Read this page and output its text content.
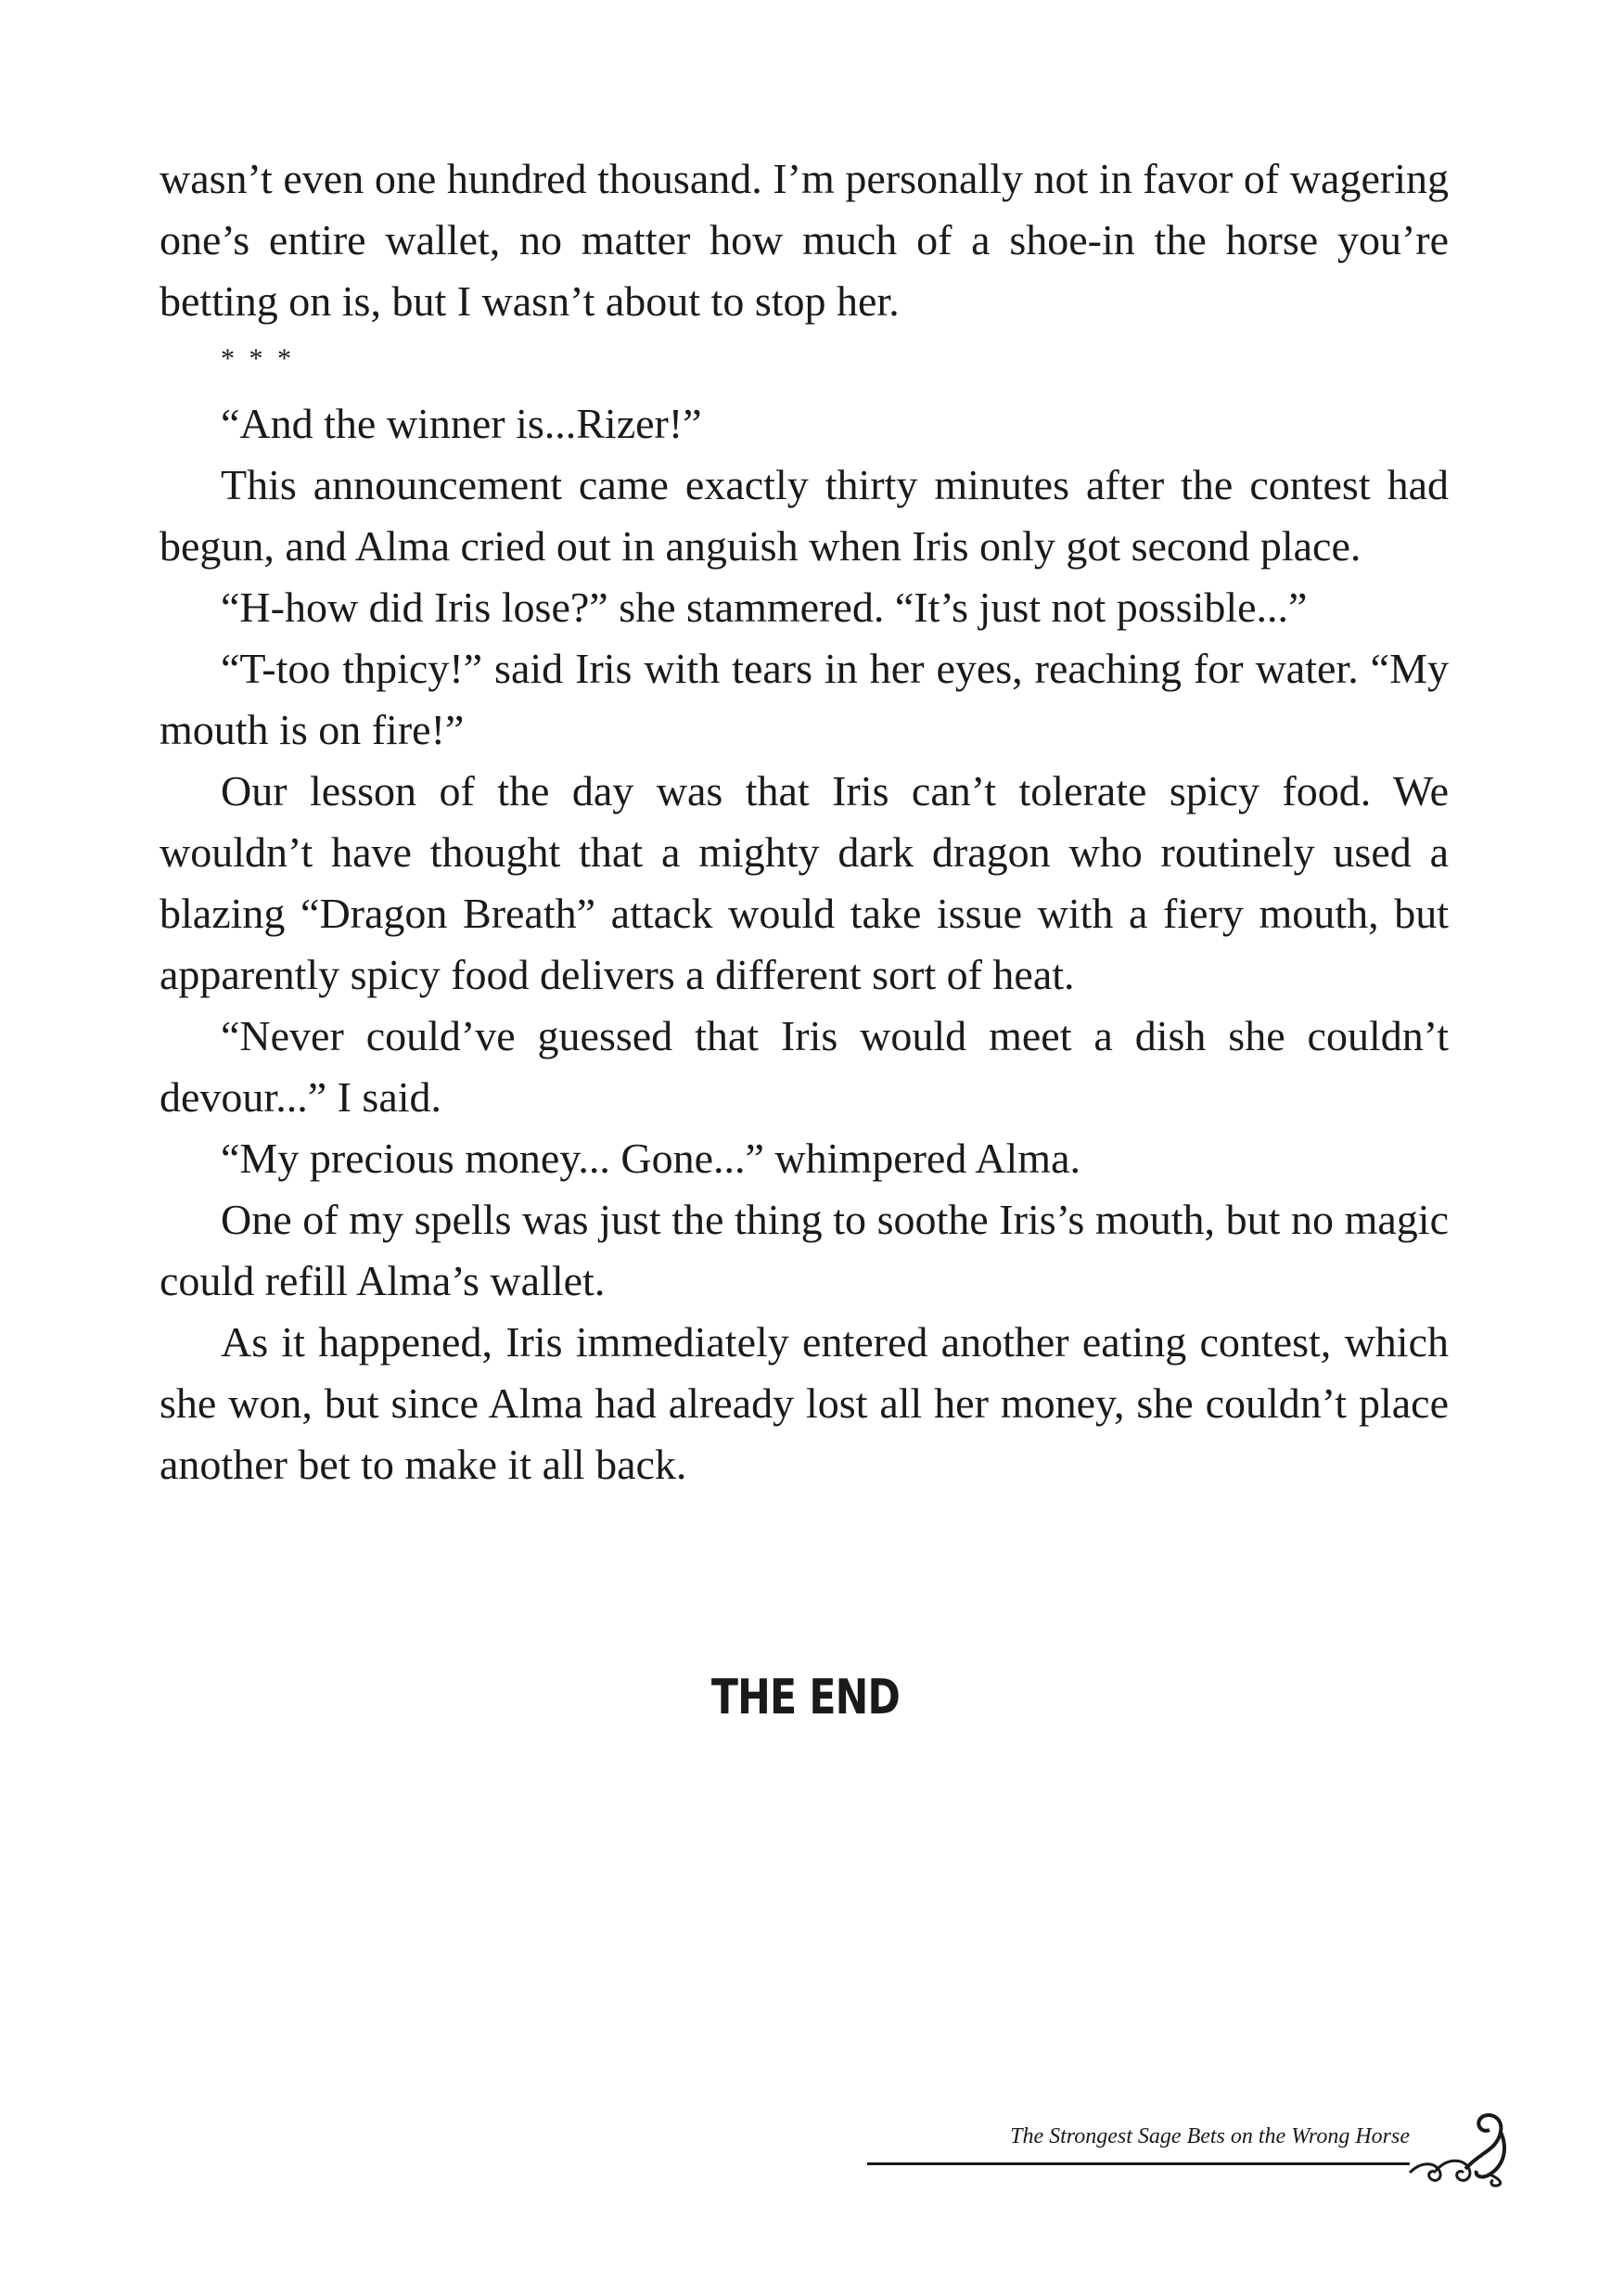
wasn’t even one hundred thousand. I’m personally not in favor of wagering one’s entire wallet, no matter how much of a shoe-in the horse you’re betting on is, but I wasn’t about to stop her.

* * *

“And the winner is...Rizer!”

This announcement came exactly thirty minutes after the contest had begun, and Alma cried out in anguish when Iris only got second place.

“H-how did Iris lose?” she stammered. “It’s just not possible...”

“T-too thpicy!” said Iris with tears in her eyes, reaching for water. “My mouth is on fire!”

Our lesson of the day was that Iris can’t tolerate spicy food. We wouldn’t have thought that a mighty dark dragon who routinely used a blazing “Dragon Breath” attack would take issue with a fiery mouth, but apparently spicy food delivers a different sort of heat.

“Never could’ve guessed that Iris would meet a dish she couldn’t devour...” I said.

“My precious money... Gone...” whimpered Alma.

One of my spells was just the thing to soothe Iris’s mouth, but no magic could refill Alma’s wallet.

As it happened, Iris immediately entered another eating contest, which she won, but since Alma had already lost all her money, she couldn’t place another bet to make it all back.

THE END
The Strongest Sage Bets on the Wrong Horse
